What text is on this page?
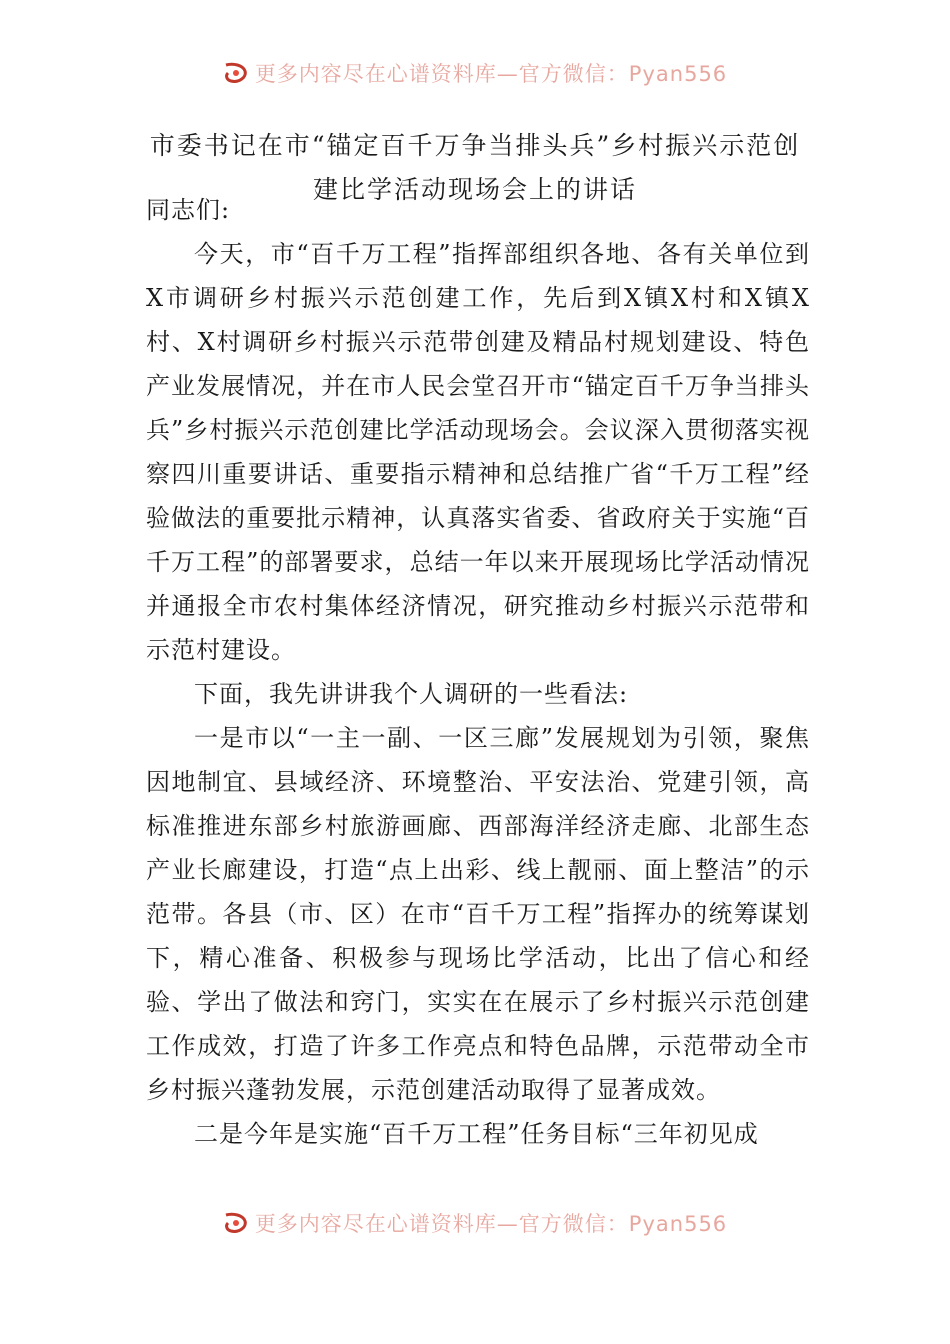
更多内容尽在心谱资料库—官方微信：Pyan556
市委书记在市“锚定百千万争当排头兵”乡村振兴示范创建比学活动现场会上的讲话

同志们:

今天，市“百千万工程”指挥部组织各地、各有关单位到X市调研乡村振兴示范创建工作，先后到X镇X村和X镇X村、X村调研乡村振兴示范带创建及精品村规划建设、特色产业发展情况，并在市人民会堂召开市“锚定百千万争当排头兵”乡村振兴示范创建比学活动现场会。会议深入贯彻落实视察四川重要讲话、重要指示精神和总结推广省“千万工程”经验做法的重要批示精神，认真落实省委、省政府关于实施“百千万工程”的部署要求，总结一年以来开展现场比学活动情况并通报全市农村集体经济情况，研究推动乡村振兴示范带和示范村建设。

下面，我先讲讲我个人调研的一些看法:

一是市以“一主一副、一区三廊”发展规划为引领，聚焦因地制宜、县域经济、环境整治、平安法治、党建引领，高标准推进东部乡村旅游画廊、西部海洋经济走廊、北部生态产业长廊建设，打造“点上出彩、线上靓丽、面上整洁”的示范带。各县（市、区）在市“百千万工程”指挥办的统筹谋划下，精心准备、积极参与现场比学活动，比出了信心和经验、学出了做法和窍门，实实在在展示了乡村振兴示范创建工作成效，打造了许多工作亮点和特色品牌，示范带动全市乡村振兴蓬勃发展，示范创建活动取得了显著成效。

二是今年是实施“百千万工程”任务目标“三年初见成

更多内容尽在心谱资料库—官方微信：Pyan556
